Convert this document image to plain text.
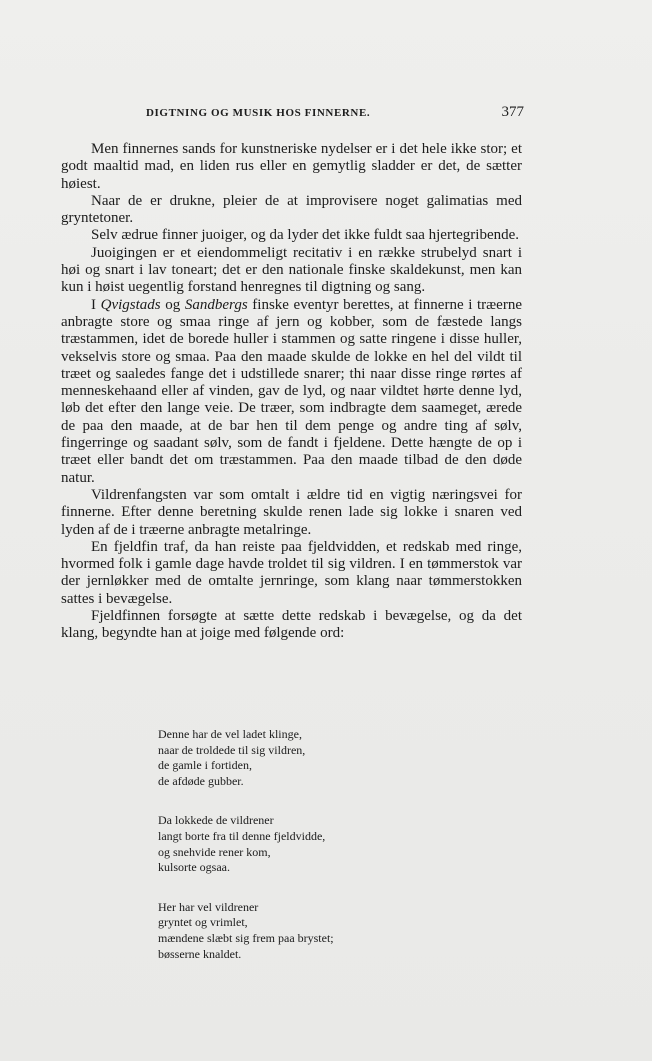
DIGTNING OG MUSIK HOS FINNERNE.	377

Men finnernes sands for kunstneriske nydelser er i det hele ikke stor; et godt maaltid mad, en liden rus eller en gemytlig sladder er det, de sætter høiest.

Naar de er drukne, pleier de at improvisere noget galimatias med gryntetoner.

Selv ædrue finner juoiger, og da lyder det ikke fuldt saa hjertegribende.

Juoigingen er et eiendommeligt recitativ i en række strubelyd snart i høi og snart i lav toneart; det er den nationale finske skaldekunst, men kan kun i høist uegentlig forstand henregnes til digtning og sang.

I Qvigstads og Sandbergs finske eventyr berettes, at finnerne i træerne anbragte store og smaa ringe af jern og kobber, som de fæstede langs træstammen, idet de borede huller i stammen og satte ringene i disse huller, vekselvis store og smaa. Paa den maade skulde de lokke en hel del vildt til træet og saaledes fange det i udstillede snarer; thi naar disse ringe rørtes af menneskehaand eller af vinden, gav de lyd, og naar vildtet hørte denne lyd, løb det efter den lange veie. De træer, som indbragte dem saameget, ærede de paa den maade, at de bar hen til dem penge og andre ting af sølv, fingerringe og saadant sølv, som de fandt i fjeldene. Dette hængte de op i træet eller bandt det om træstammen. Paa den maade tilbad de den døde natur.

Vildrenfangsten var som omtalt i ældre tid en vigtig næringsvei for finnerne. Efter denne beretning skulde renen lade sig lokke i snaren ved lyden af de i træerne anbragte metalringe.

En fjeldfin traf, da han reiste paa fjeldvidden, et redskab med ringe, hvormed folk i gamle dage havde troldet til sig vildren. I en tømmerstok var der jernløkker med de omtalte jernringe, som klang naar tømmerstokken sattes i bevægelse.

Fjeldfinnen forsøgte at sætte dette redskab i bevægelse, og da det klang, begyndte han at joige med følgende ord:

Denne har de vel ladet klinge,
naar de troldede til sig vildren,
de gamle i fortiden,
de afdøde gubber.
Da lokkede de vildrener
langt borte fra til denne fjeldvidde,
og snehvide rener kom,
kulsorte ogsaa.
Her har vel vildrener
gryntet og vrimlet,
mændene slæbt sig frem paa brystet;
bøsserne knaldet.
